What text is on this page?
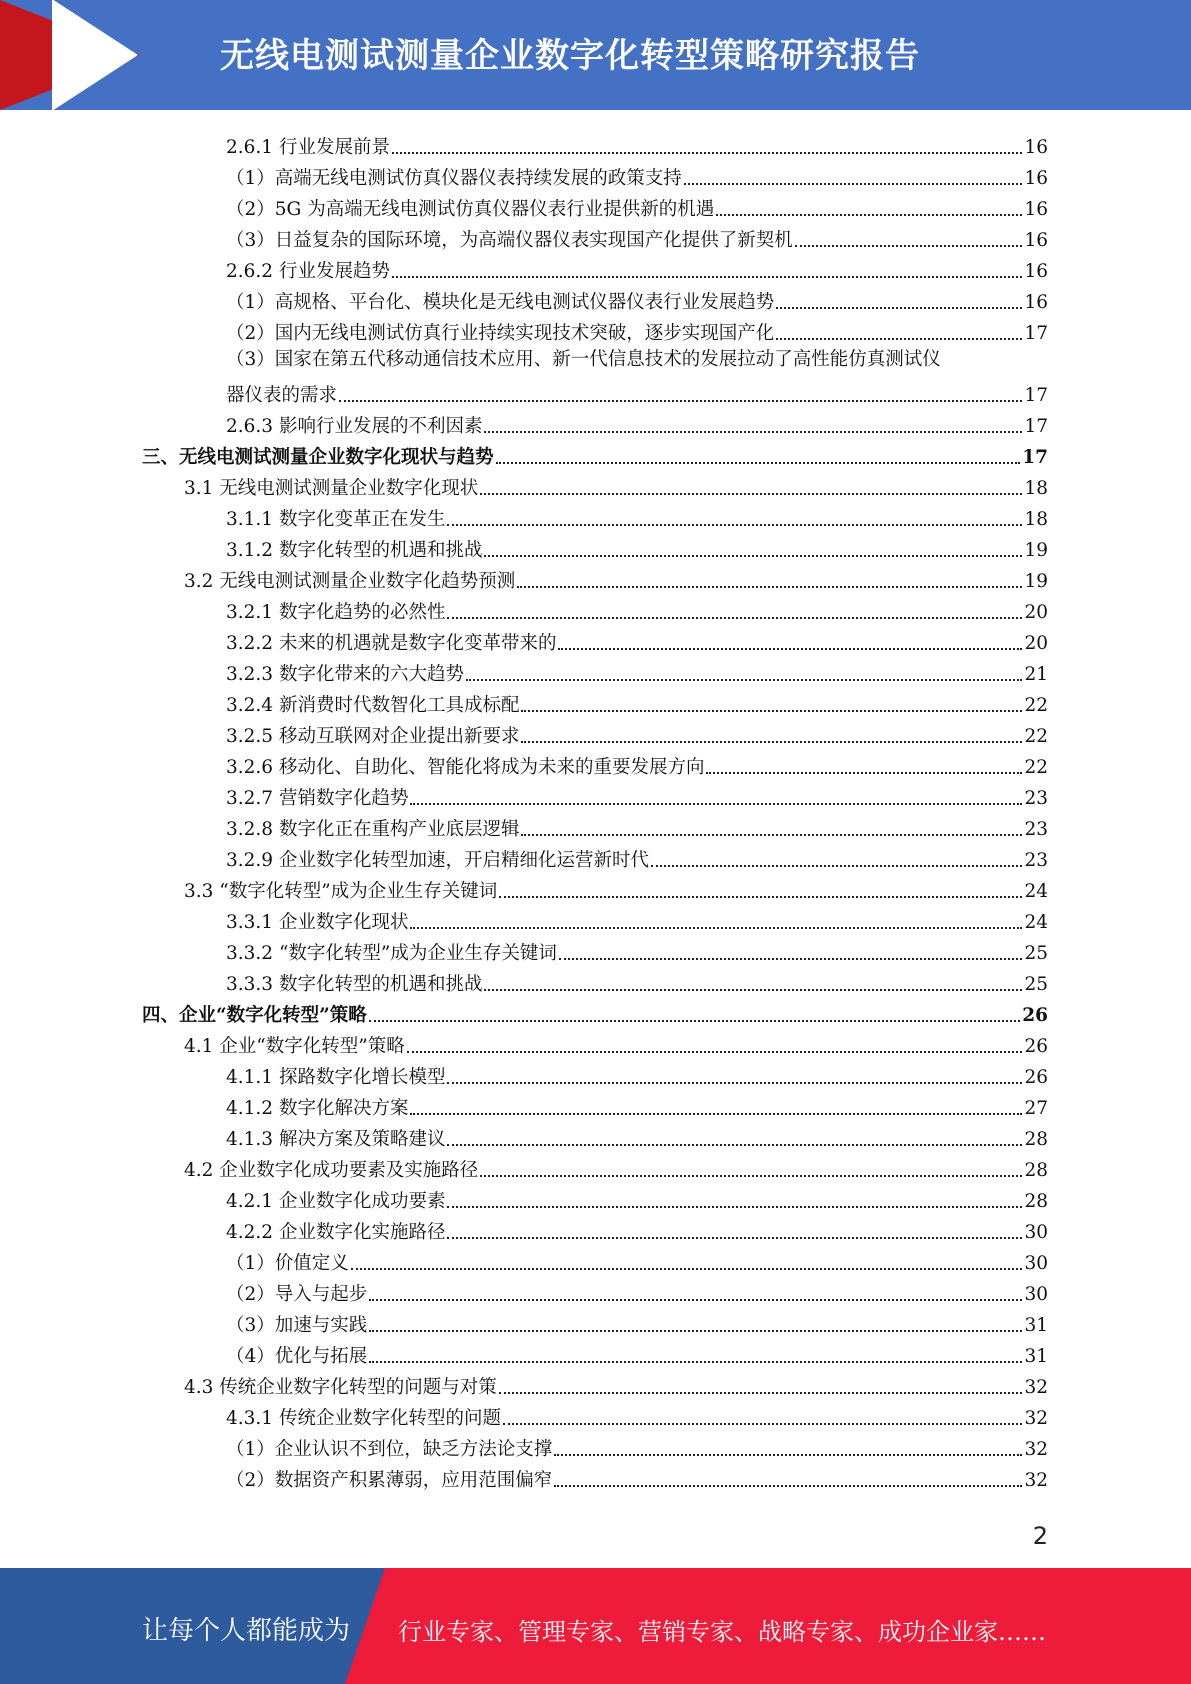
无线电测试测量企业数字化转型策略研究报告
2.6.1 行业发展前景	16
（1）高端无线电测试仿真仪器仪表持续发展的政策支持	16
（2）5G 为高端无线电测试仿真仪器仪表行业提供新的机遇	16
（3）日益复杂的国际环境，为高端仪器仪表实现国产化提供了新契机	16
2.6.2 行业发展趋势	16
（1）高规格、平台化、模块化是无线电测试仪器仪表行业发展趋势	16
（2）国内无线电测试仿真行业持续实现技术突破，逐步实现国产化	17
（3）国家在第五代移动通信技术应用、新一代信息技术的发展拉动了高性能仿真测试仪
器仪表的需求	17
2.6.3 影响行业发展的不利因素	17
三、无线电测试测量企业数字化现状与趋势	17
3.1 无线电测试测量企业数字化现状	18
3.1.1 数字化变革正在发生	18
3.1.2 数字化转型的机遇和挑战	19
3.2 无线电测试测量企业数字化趋势预测	19
3.2.1 数字化趋势的必然性	20
3.2.2 未来的机遇就是数字化变革带来的	20
3.2.3 数字化带来的六大趋势	21
3.2.4 新消费时代数智化工具成标配	22
3.2.5 移动互联网对企业提出新要求	22
3.2.6 移动化、自助化、智能化将成为未来的重要发展方向	22
3.2.7 营销数字化趋势	23
3.2.8 数字化正在重构产业底层逻辑	23
3.2.9 企业数字化转型加速，开启精细化运营新时代	23
3.3 “数字化转型”成为企业生存关键词	24
3.3.1 企业数字化现状	24
3.3.2 “数字化转型”成为企业生存关键词	25
3.3.3 数字化转型的机遇和挑战	25
四、企业“数字化转型”策略	26
4.1 企业“数字化转型”策略	26
4.1.1 探路数字化增长模型	26
4.1.2 数字化解决方案	27
4.1.3 解决方案及策略建议	28
4.2 企业数字化成功要素及实施路径	28
4.2.1 企业数字化成功要素	28
4.2.2 企业数字化实施路径	30
（1）价值定义	30
（2）导入与起步	30
（3）加速与实践	31
（4）优化与拓展	31
4.3 传统企业数字化转型的问题与对策	32
4.3.1 传统企业数字化转型的问题	32
（1）企业认识不到位，缺乏方法论支撑	32
（2）数据资产积累薄弱，应用范围偏窄	32
2
让每个人都能成为 行业专家、管理专家、营销专家、战略专家、成功企业家……
